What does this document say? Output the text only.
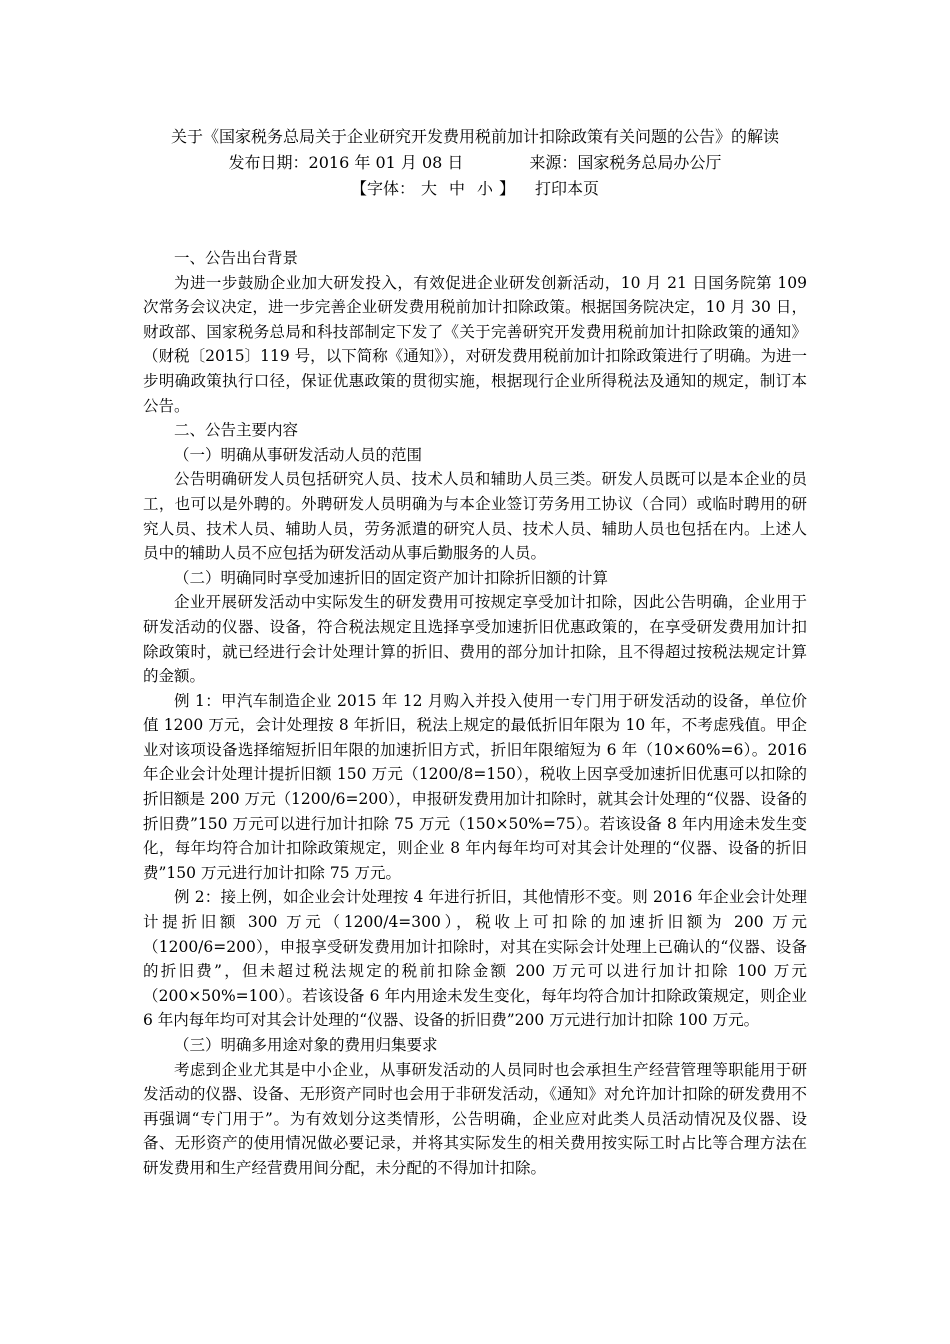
关于《国家税务总局关于企业研究开发费用税前加计扣除政策有关问题的公告》的解读
发布日期：2016 年 01 月 08 日	来源：国家税务总局办公厅
【字体： 大 中 小 】 打印本页

一、公告出台背景

为进一步鼓励企业加大研发投入，有效促进企业研发创新活动，10 月 21 日国务院第 109 次常务会议决定，进一步完善企业研发费用税前加计扣除政策。根据国务院决定，10 月 30 日，财政部、国家税务总局和科技部制定下发了《关于完善研究开发费用税前加计扣除政策的通知》（财税〔2015〕119 号，以下简称《通知》），对研发费用税前加计扣除政策进行了明确。为进一步明确政策执行口径，保证优惠政策的贯彻实施，根据现行企业所得税法及通知的规定，制订本公告。

二、公告主要内容

（一）明确从事研发活动人员的范围

公告明确研发人员包括研究人员、技术人员和辅助人员三类。研发人员既可以是本企业的员工，也可以是外聘的。外聘研发人员明确为与本企业签订劳务用工协议（合同）或临时聘用的研究人员、技术人员、辅助人员，劳务派遣的研究人员、技术人员、辅助人员也包括在内。上述人员中的辅助人员不应包括为研发活动从事后勤服务的人员。

（二）明确同时享受加速折旧的固定资产加计扣除折旧额的计算

企业开展研发活动中实际发生的研发费用可按规定享受加计扣除，因此公告明确，企业用于研发活动的仪器、设备，符合税法规定且选择享受加速折旧优惠政策的，在享受研发费用加计扣除政策时，就已经进行会计处理计算的折旧、费用的部分加计扣除，且不得超过按税法规定计算的金额。

例 1：甲汽车制造企业 2015 年 12 月购入并投入使用一专门用于研发活动的设备，单位价值 1200 万元，会计处理按 8 年折旧，税法上规定的最低折旧年限为 10 年，不考虑残值。甲企业对该项设备选择缩短折旧年限的加速折旧方式，折旧年限缩短为 6 年（10×60%=6）。2016 年企业会计处理计提折旧额 150 万元（1200/8=150），税收上因享受加速折旧优惠可以扣除的折旧额是 200 万元（1200/6=200），申报研发费用加计扣除时，就其会计处理的“仪器、设备的折旧费”150 万元可以进行加计扣除 75 万元（150×50%=75）。若该设备 8 年内用途未发生变化，每年均符合加计扣除政策规定，则企业 8 年内每年均可对其会计处理的“仪器、设备的折旧费”150 万元进行加计扣除 75 万元。

例 2：接上例，如企业会计处理按 4 年进行折旧，其他情形不变。则 2016 年企业会计处理计提折旧额 300 万元（1200/4=300），税收上可扣除的加速折旧额为 200 万元（1200/6=200），申报享受研发费用加计扣除时，对其在实际会计处理上已确认的“仪器、设备的折旧费”，但未超过税法规定的税前扣除金额 200 万元可以进行加计扣除 100 万元（200×50%=100）。若该设备 6 年内用途未发生变化，每年均符合加计扣除政策规定，则企业 6 年内每年均可对其会计处理的“仪器、设备的折旧费”200 万元进行加计扣除 100 万元。

（三）明确多用途对象的费用归集要求

考虑到企业尤其是中小企业，从事研发活动的人员同时也会承担生产经营管理等职能用于研发活动的仪器、设备、无形资产同时也会用于非研发活动，《通知》对允许加计扣除的研发费用不再强调“专门用于”。为有效划分这类情形，公告明确，企业应对此类人员活动情况及仪器、设备、无形资产的使用情况做必要记录，并将其实际发生的相关费用按实际工时占比等合理方法在研发费用和生产经营费用间分配，未分配的不得加计扣除。
